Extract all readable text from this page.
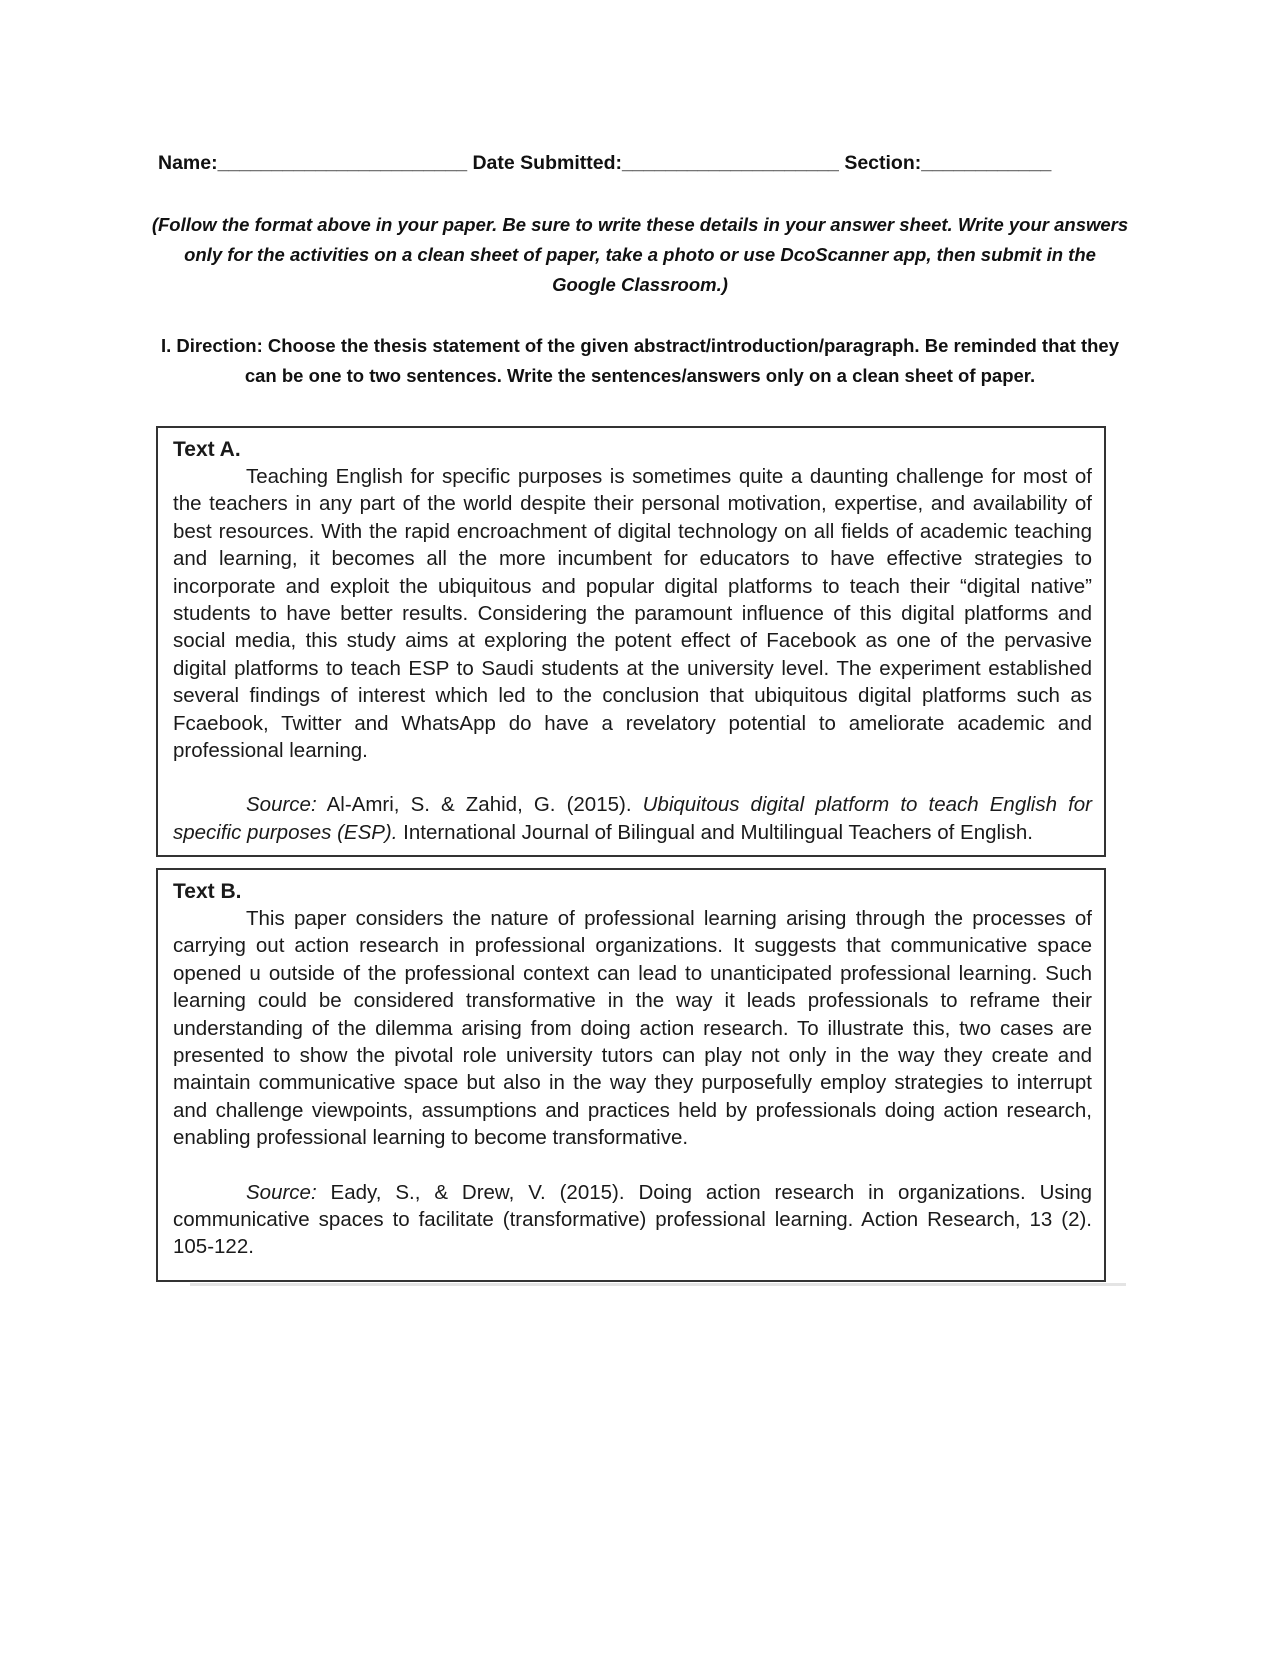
Name:_______________________ Date Submitted:____________________ Section:____________
(Follow the format above in your paper. Be sure to write these details in your answer sheet. Write your answers only for the activities on a clean sheet of paper, take a photo or use DcoScanner app, then submit in the Google Classroom.)
I. Direction: Choose the thesis statement of the given abstract/introduction/paragraph. Be reminded that they can be one to two sentences. Write the sentences/answers only on a clean sheet of paper.
Text A.
Teaching English for specific purposes is sometimes quite a daunting challenge for most of the teachers in any part of the world despite their personal motivation, expertise, and availability of best resources. With the rapid encroachment of digital technology on all fields of academic teaching and learning, it becomes all the more incumbent for educators to have effective strategies to incorporate and exploit the ubiquitous and popular digital platforms to teach their “digital native” students to have better results. Considering the paramount influence of this digital platforms and social media, this study aims at exploring the potent effect of Facebook as one of the pervasive digital platforms to teach ESP to Saudi students at the university level. The experiment established several findings of interest which led to the conclusion that ubiquitous digital platforms such as Fcaebook, Twitter and WhatsApp do have a revelatory potential to ameliorate academic and professional learning.
Source: Al-Amri, S. & Zahid, G. (2015). Ubiquitous digital platform to teach English for specific purposes (ESP). International Journal of Bilingual and Multilingual Teachers of English.
Text B.
This paper considers the nature of professional learning arising through the processes of carrying out action research in professional organizations. It suggests that communicative space opened u outside of the professional context can lead to unanticipated professional learning. Such learning could be considered transformative in the way it leads professionals to reframe their understanding of the dilemma arising from doing action research. To illustrate this, two cases are presented to show the pivotal role university tutors can play not only in the way they create and maintain communicative space but also in the way they purposefully employ strategies to interrupt and challenge viewpoints, assumptions and practices held by professionals doing action research, enabling professional learning to become transformative.
Source: Eady, S., & Drew, V. (2015). Doing action research in organizations. Using communicative spaces to facilitate (transformative) professional learning. Action Research, 13 (2). 105-122.
